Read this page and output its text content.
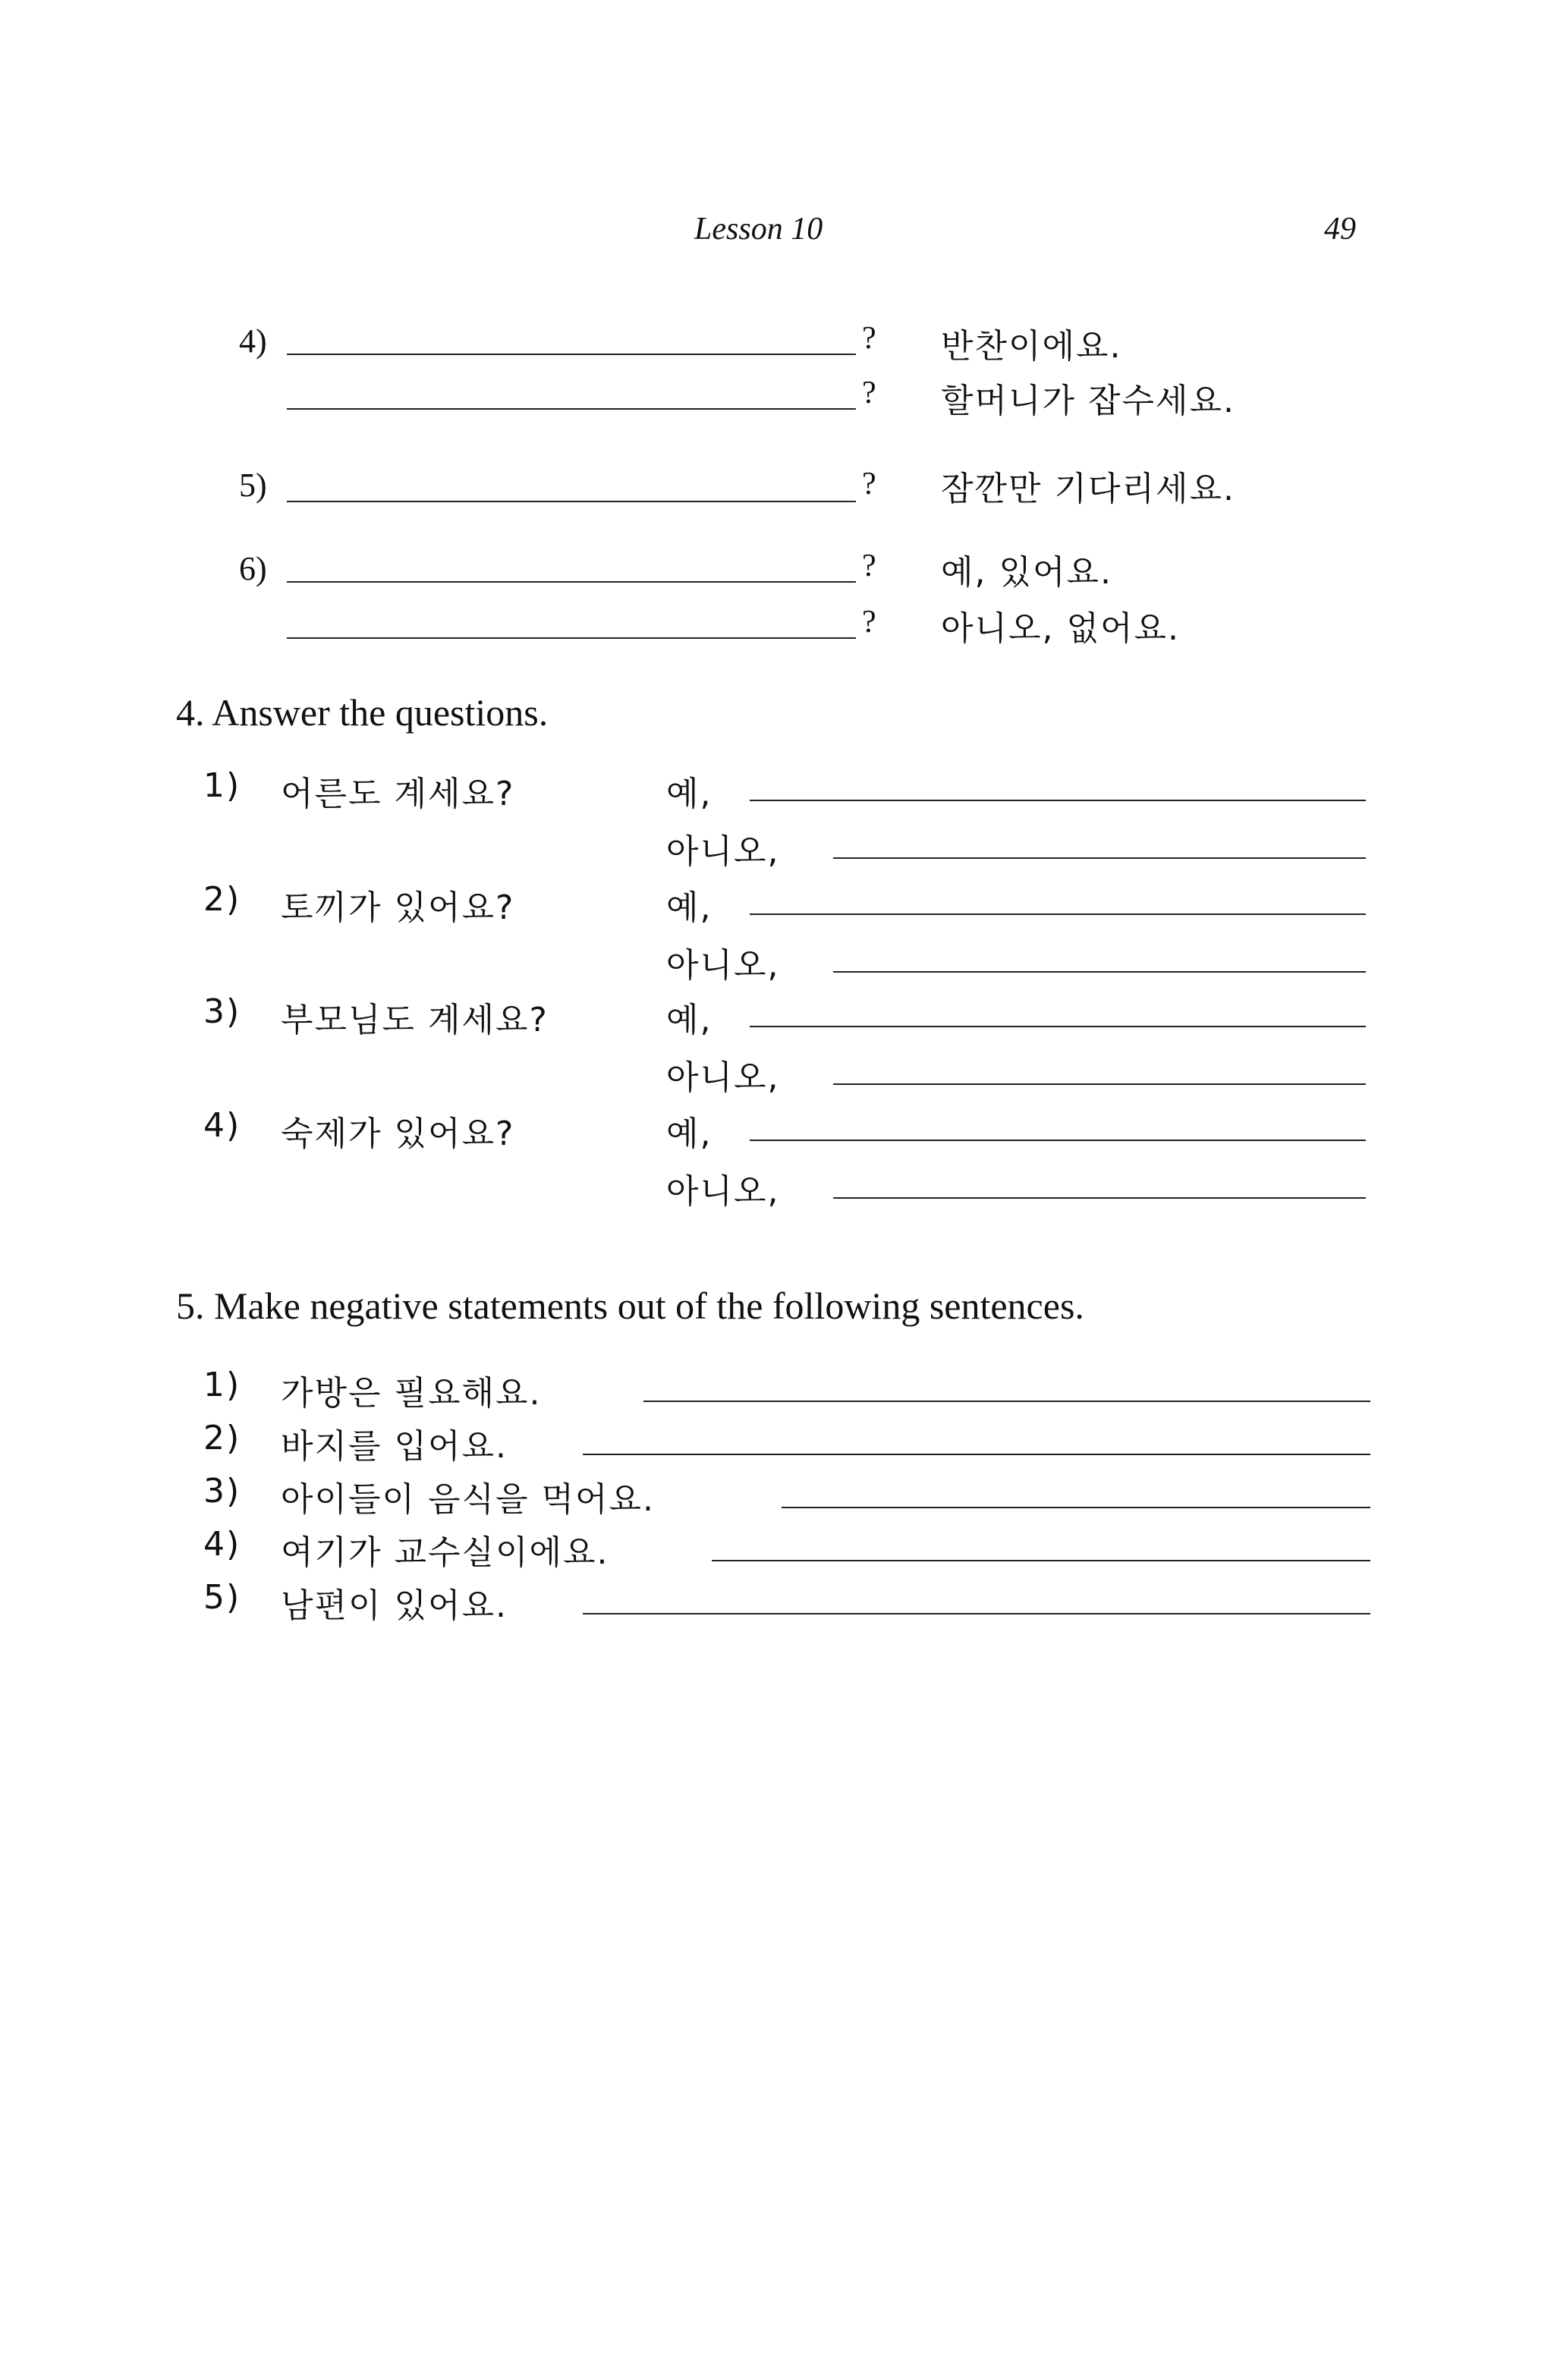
Lesson 10	49
4)	? 반찬이에요.
? 할머니가 잡수세요.
5)	? 잠깐만 기다리세요.
6)	? 예, 있어요.
? 아니오, 없어요.
4. Answer the questions.
1) 어른도 계세요?	예,
아니오,
2) 토끼가 있어요?	예,
아니오,
3) 부모님도 계세요?	예,
아니오,
4) 숙제가 있어요?	예,
아니오,
5. Make negative statements out of the following sentences.
1) 가방은 필요해요.
2) 바지를 입어요.
3) 아이들이 음식을 먹어요.
4) 여기가 교수실이에요.
5) 남편이 있어요.
